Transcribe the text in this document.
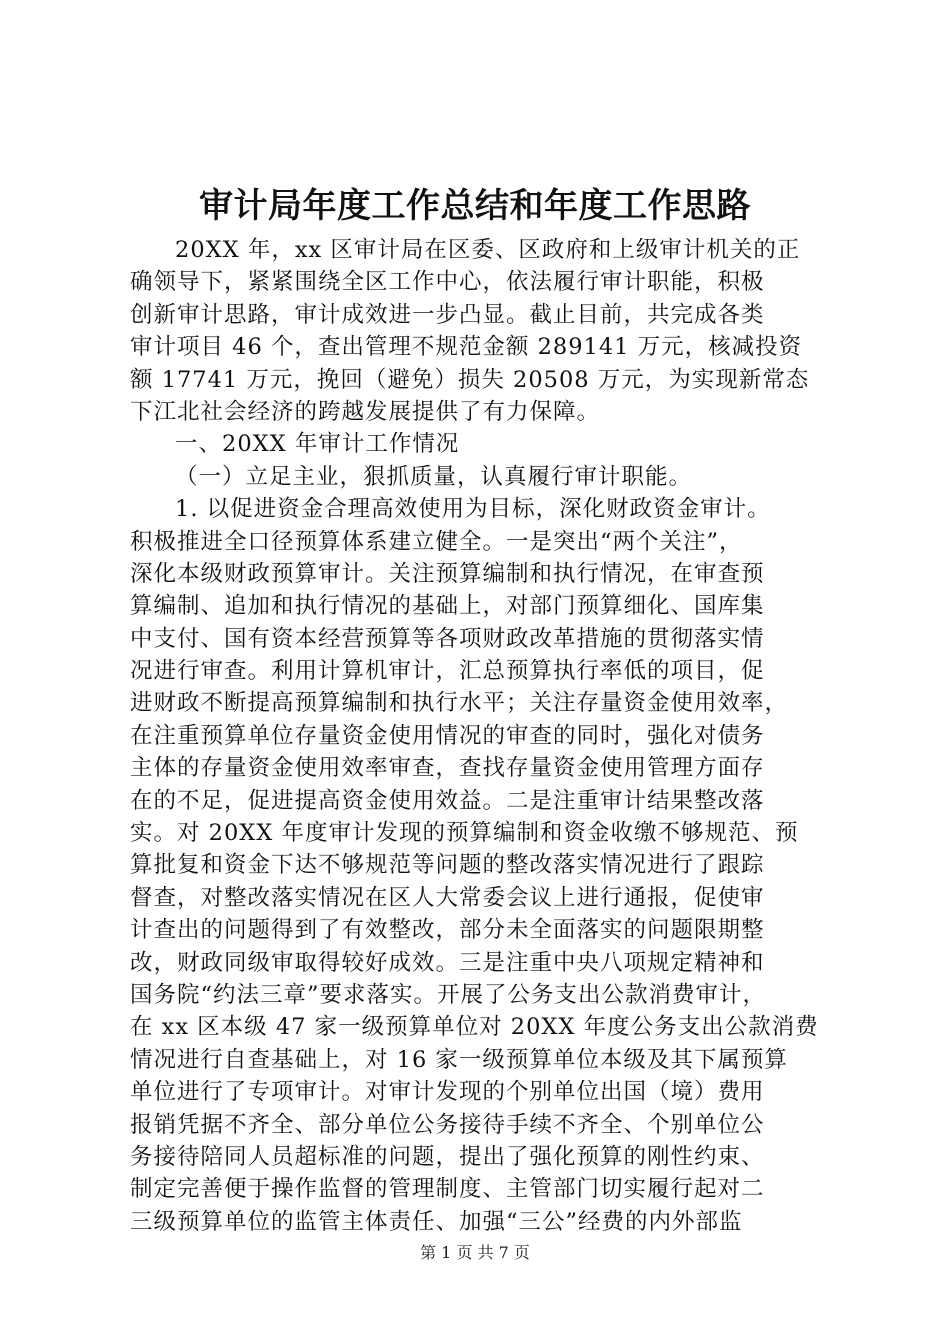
审计局年度工作总结和年度工作思路
20XX 年，xx 区审计局在区委、区政府和上级审计机关的正
确领导下，紧紧围绕全区工作中心，依法履行审计职能，积极
创新审计思路，审计成效进一步凸显。截止目前，共完成各类
审计项目 46 个，查出管理不规范金额 289141 万元，核减投资
额 17741 万元，挽回（避免）损失 20508 万元，为实现新常态
下江北社会经济的跨越发展提供了有力保障。
一、20XX 年审计工作情况
（一）立足主业，狠抓质量，认真履行审计职能。
1. 以促进资金合理高效使用为目标，深化财政资金审计。
积极推进全口径预算体系建立健全。一是突出“两个关注”，
深化本级财政预算审计。关注预算编制和执行情况，在审查预
算编制、追加和执行情况的基础上，对部门预算细化、国库集
中支付、国有资本经营预算等各项财政改革措施的贯彻落实情
况进行审查。利用计算机审计，汇总预算执行率低的项目，促
进财政不断提高预算编制和执行水平；关注存量资金使用效率，
在注重预算单位存量资金使用情况的审查的同时，强化对债务
主体的存量资金使用效率审查，查找存量资金使用管理方面存
在的不足，促进提高资金使用效益。二是注重审计结果整改落
实。对 20XX 年度审计发现的预算编制和资金收缴不够规范、预
算批复和资金下达不够规范等问题的整改落实情况进行了跟踪
督查，对整改落实情况在区人大常委会议上进行通报，促使审
计查出的问题得到了有效整改，部分未全面落实的问题限期整
改，财政同级审取得较好成效。三是注重中央八项规定精神和
国务院“约法三章”要求落实。开展了公务支出公款消费审计，
在 xx 区本级 47 家一级预算单位对 20XX 年度公务支出公款消费
情况进行自查基础上，对 16 家一级预算单位本级及其下属预算
单位进行了专项审计。对审计发现的个别单位出国（境）费用
报销凭据不齐全、部分单位公务接待手续不齐全、个别单位公
务接待陪同人员超标准的问题，提出了强化预算的刚性约束、
制定完善便于操作监督的管理制度、主管部门切实履行起对二
三级预算单位的监管主体责任、加强“三公”经费的内外部监
第 1 页 共 7 页
